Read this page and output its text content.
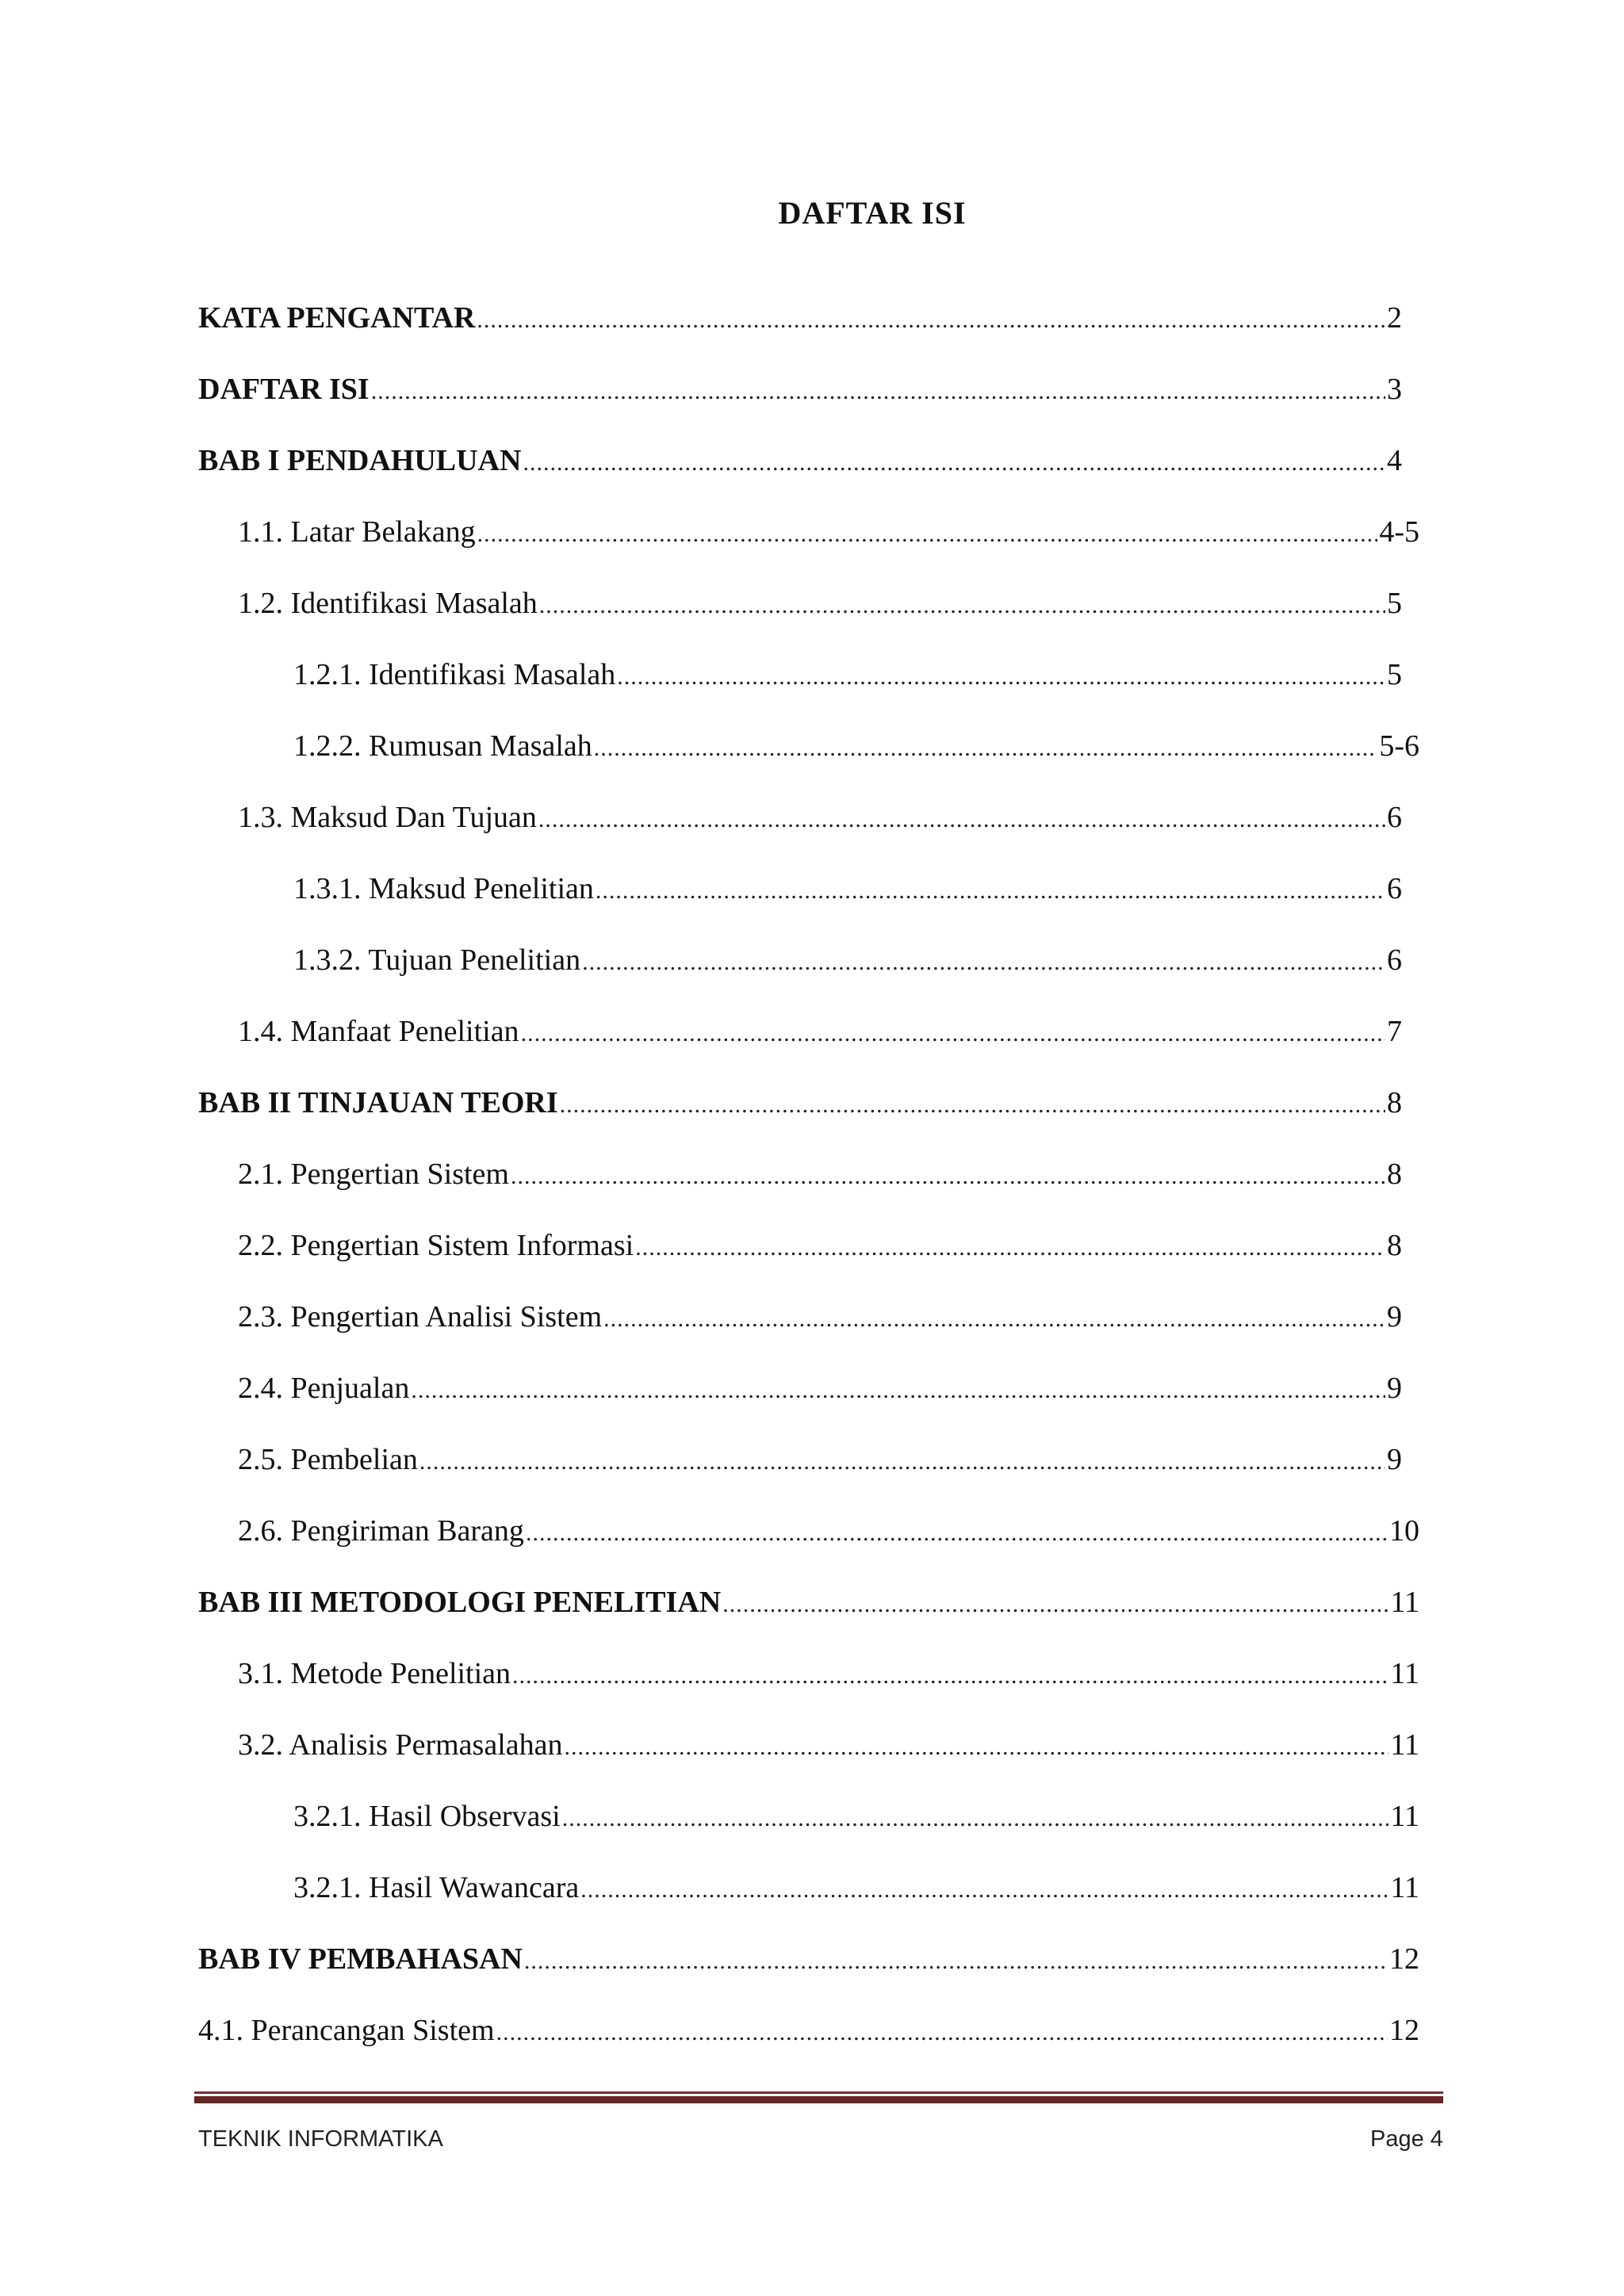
DAFTAR ISI
KATA PENGANTAR .....	2
DAFTAR ISI .....	3
BAB I PENDAHULUAN .....	4
1.1. Latar Belakang .....	4-5
1.2. Identifikasi Masalah .....	5
1.2.1. Identifikasi Masalah .....	5
1.2.2. Rumusan Masalah .....	5-6
1.3. Maksud Dan Tujuan .....	6
1.3.1. Maksud Penelitian .....	6
1.3.2. Tujuan Penelitian .....	6
1.4. Manfaat Penelitian .....	7
BAB II TINJAUAN TEORI .....	8
2.1. Pengertian Sistem .....	8
2.2. Pengertian Sistem Informasi .....	8
2.3. Pengertian Analisi Sistem .....	9
2.4. Penjualan .....	9
2.5. Pembelian .....	9
2.6. Pengiriman Barang .....	10
BAB III METODOLOGI PENELITIAN .....	11
3.1. Metode Penelitian .....	11
3.2. Analisis Permasalahan .....	11
3.2.1. Hasil Observasi .....	11
3.2.1. Hasil Wawancara .....	11
BAB IV PEMBAHASAN .....	12
4.1. Perancangan Sistem .....	12
TEKNIK INFORMATIKA	Page 4
